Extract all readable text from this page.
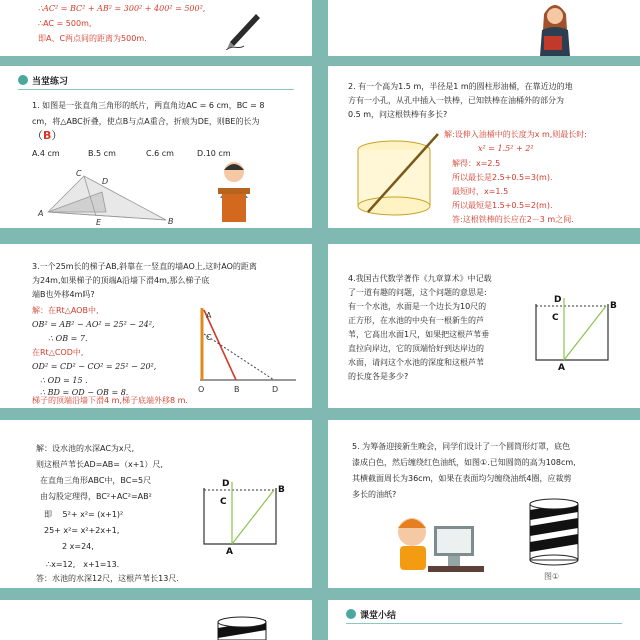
∴AC² = BC² + AB² = 300² + 400² = 500²,
∴AC = 500m,
即A、C两点间的距离为500m.
当堂练习
1. 如图是一张直角三角形的纸片，两直角边AC = 6 cm，BC = 8
cm，将△ABC折叠，使点B与点A重合，折痕为DE，则BE的长为
（B）
A.4 cm	B.5 cm	C.6 cm	D.10 cm
C
D
A
E	B
2. 有一个高为1.5 m，半径是1 m的圆柱形油桶，在靠近边的地
方有一小孔，从孔中插入一铁棒，已知铁棒在油桶外的部分为
0.5 m，问这根铁棒有多长?
解:设伸入油桶中的长度为x m,则最长时:
x² = 1.5² + 2²
解得：x=2.5
所以最长是2.5+0.5=3(m).
最短时，x=1.5
所以最短是1.5+0.5=2(m).
答:这根铁棒的长应在2－3 m之间.
3.一个25m长的梯子AB,斜靠在一竖直的墙AO上,这时AO的距离
为24m,如果梯子的顶端A沿墙下滑4m,那么梯子底
端B也外移4m吗?
解：在Rt△AOB中,
OB² = AB² − AO² = 25² − 24²,
∴ OB = 7.
在Rt△COD中,
OD² = CD² − CO² = 25² − 20²,
∴ OD = 15 .
∴ BD = OD − OB = 8.
梯子的顶端沿墙下滑4 m,梯子底端外移8 m.
A
C
O	B	D
4.我国古代数学著作《九章算术》中记载
了一道有趣的问题，这个问题的意思是:
有一个水池，水面是一个边长为10尺的
正方形，在水池的中央有一根新生的芦
苇，它高出水面1尺，如果把这根芦苇垂
直拉向岸边，它的顶端恰好到达岸边的
水面，请问这个水池的深度和这根芦苇
的长度各是多少?
D
B
C
A
解：设水池的水深AC为x尺,
则这根芦苇长AD=AB=（x+1）尺,
在直角三角形ABC中，BC=5尺
由勾股定理得，BC²+AC²=AB²
即　 5²+ x²= (x+1)²
25+ x²= x²+2x+1,
2 x=24,
∴x=12,　x+1=13.
答：水池的水深12尺，这根芦苇长13尺.
D
B
C
A
5. 为筹备迎接新生晚会，同学们设计了一个圆筒形灯罩，底色
漆成白色，然后缠绕红色油纸，如图①.已知圆筒的高为108cm,
其横截面周长为36cm，如果在表面均匀缠绕油纸4圈，应裁剪
多长的油纸?
图①
课堂小结
